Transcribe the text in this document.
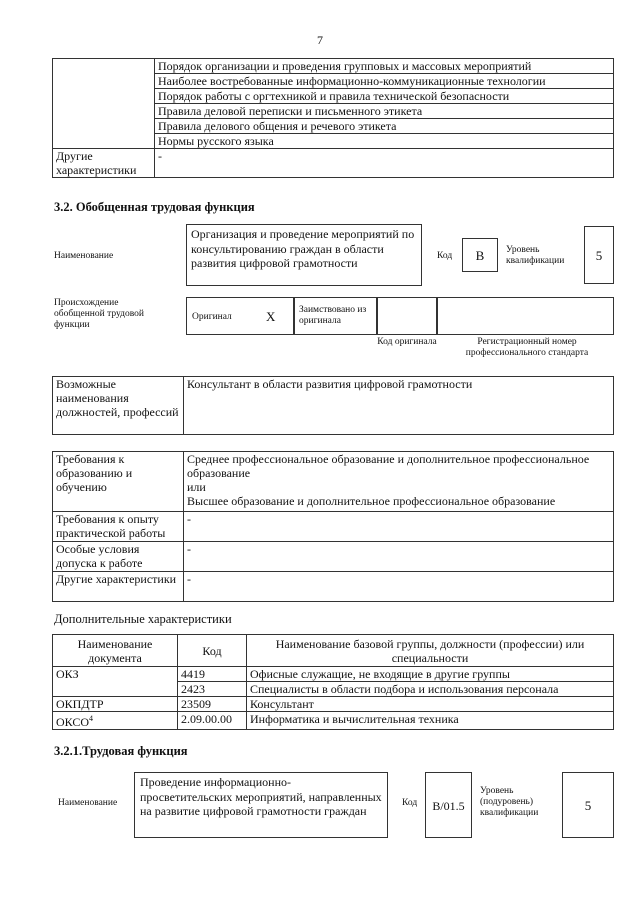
7
	Порядок организации и проведения групповых и массовых мероприятий
	Наиболее востребованные информационно-коммуникационные технологии
	Порядок работы с оргтехникой и правила технической безопасности
	Правила деловой переписки и письменного этикета
	Правила делового общения и речевого этикета
	Нормы русского языка
Другие характеристики	-
3.2. Обобщенная трудовая функция
Наименование
Организация и проведение мероприятий по консультированию граждан в области развития цифровой грамотности	Код	B	Уровень квалификации	5
Происхождение обобщенной трудовой функции
Оригинал	X Заимствовано из оригинала
Код оригинала	Регистрационный номер профессионального стандарта
Возможные наименования должностей, профессий	Консультант в области развития цифровой грамотности
Требования к образованию и обучению	Среднее профессиональное образование и дополнительное профессиональное образование
или
Высшее образование и дополнительное профессиональное образование

Требования к опыту практической работы	-
Особые условия допуска к работе	-
Другие характеристики	-
Дополнительные характеристики
Наименование документа	Код	Наименование базовой группы, должности (профессии) или специальности
ОКЗ	4419	Офисные служащие, не входящие в другие группы
	2423	Специалисты в области подбора и использования персонала
ОКПДТР	23509	Консультант
ОКСО$^4$	2.09.00.00	Информатика и вычислительная техника
3.2.1.Трудовая функция
Наименование
Проведение информационно-просветительских мероприятий, направленных на развитие цифровой грамотности граждан
Код	B/01.5
Уровень (подуровень) квалификации	5
